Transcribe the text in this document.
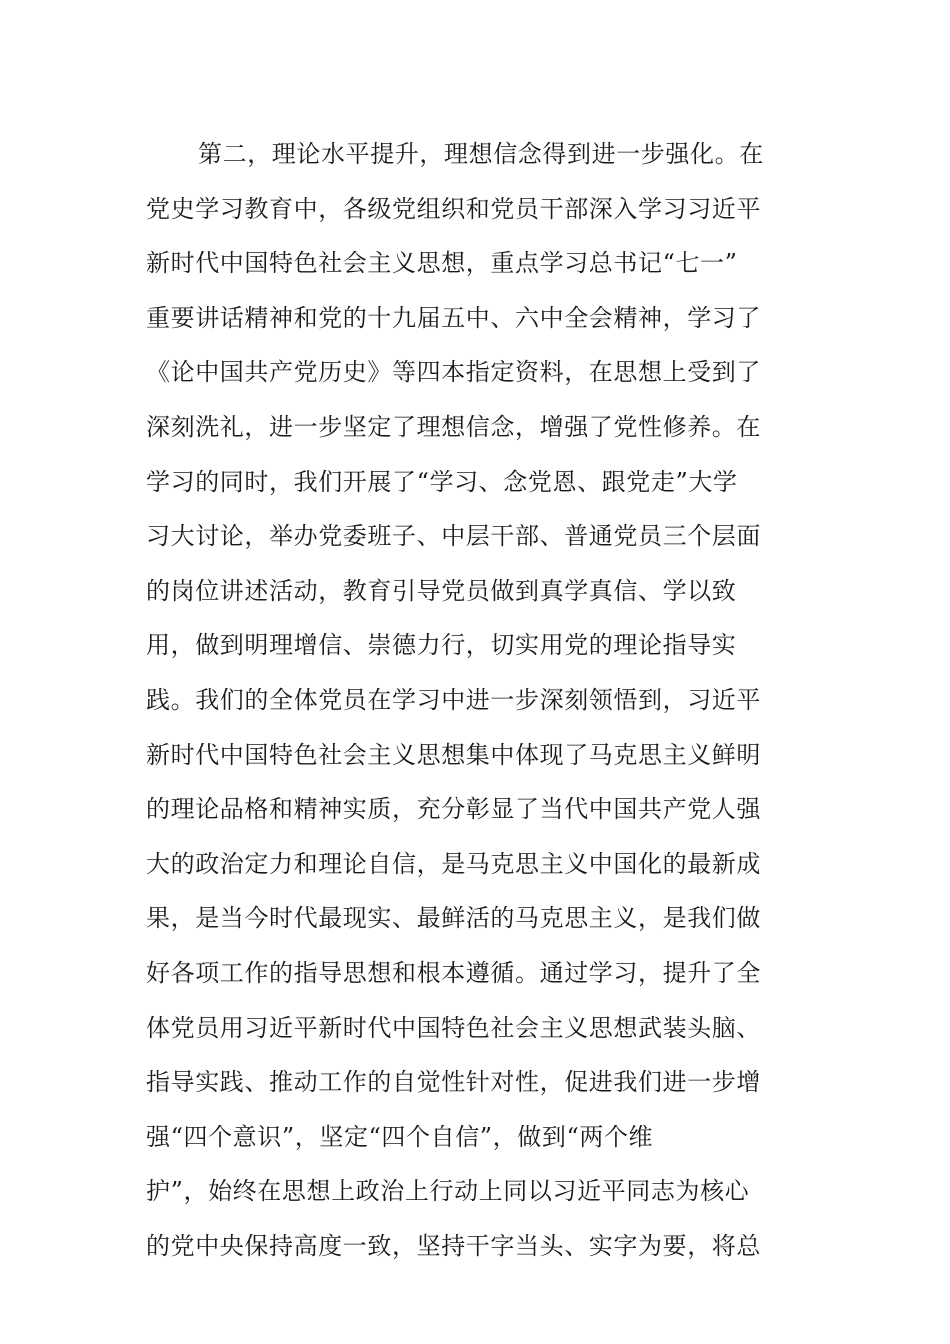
第二，理论水平提升，理想信念得到进一步强化。在
党史学习教育中，各级党组织和党员干部深入学习习近平
新时代中国特色社会主义思想，重点学习总书记“七一”
重要讲话精神和党的十九届五中、六中全会精神，学习了
《论中国共产党历史》等四本指定资料，在思想上受到了
深刻洗礼，进一步坚定了理想信念，增强了党性修养。在
学习的同时，我们开展了“学习、念党恩、跟党走”大学
习大讨论，举办党委班子、中层干部、普通党员三个层面
的岗位讲述活动，教育引导党员做到真学真信、学以致
用，做到明理增信、崇德力行，切实用党的理论指导实
践。我们的全体党员在学习中进一步深刻领悟到，习近平
新时代中国特色社会主义思想集中体现了马克思主义鲜明
的理论品格和精神实质，充分彰显了当代中国共产党人强
大的政治定力和理论自信，是马克思主义中国化的最新成
果，是当今时代最现实、最鲜活的马克思主义，是我们做
好各项工作的指导思想和根本遵循。通过学习，提升了全
体党员用习近平新时代中国特色社会主义思想武装头脑、
指导实践、推动工作的自觉性针对性，促进我们进一步增
强“四个意识”，坚定“四个自信”，做到“两个维
护”，始终在思想上政治上行动上同以习近平同志为核心
的党中央保持高度一致，坚持干字当头、实字为要，将总
